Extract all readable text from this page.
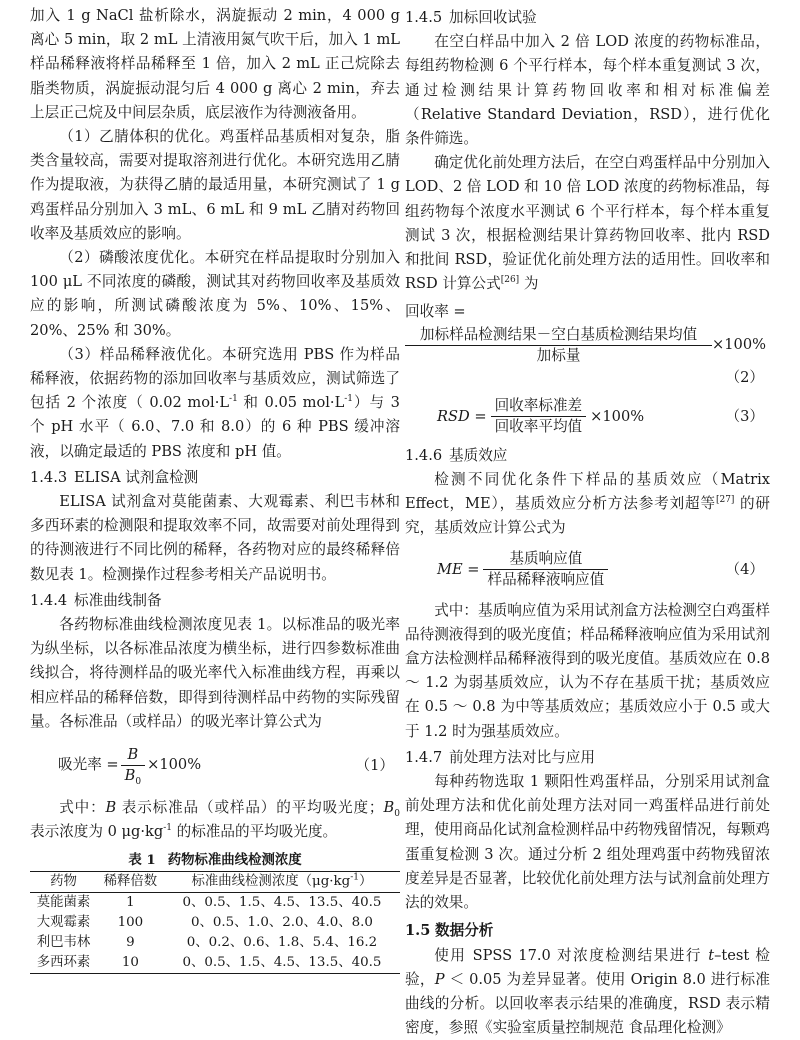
加入 1 g NaCl 盐析除水，涡旋振动 2 min，4 000 g 离心 5 min，取 2 mL 上清液用氮气吹干后，加入 1 mL 样品稀释液将样品稀释至 1 倍，加入 2 mL 正己烷除去脂类物质，涡旋振动混匀后 4 000 g 离心 2 min，弃去上层正己烷及中间层杂质，底层液作为待测液备用。

（1）乙腈体积的优化。鸡蛋样品基质相对复杂，脂类含量较高，需要对提取溶剂进行优化。本研究选用乙腈作为提取液，为获得乙腈的最适用量，本研究测试了 1 g 鸡蛋样品分别加入 3 mL、6 mL 和 9 mL 乙腈对药物回收率及基质效应的影响。

（2）磷酸浓度优化。本研究在样品提取时分别加入 100 μL 不同浓度的磷酸，测试其对药物回收率及基质效应的影响，所测试磷酸浓度为 5%、10%、15%、20%、25% 和 30%。

（3）样品稀释液优化。本研究选用 PBS 作为样品稀释液，依据药物的添加回收率与基质效应，测试筛选了包括 2 个浓度（ 0.02 $mol\cdot L^{-1}$ 和 0.05 $mol\cdot L^{-1}$）与 3 个 pH 水平（ 6.0、7.0 和 8.0）的 6 种 PBS 缓冲溶液，以确定最适的 PBS 浓度和 pH 值。

1.4.3 ELISA 试剂盒检测

ELISA 试剂盒对莫能菌素、大观霉素、利巴韦林和多西环素的检测限和提取效率不同，故需要对前处理得到的待测液进行不同比例的稀释，各药物对应的最终稀释倍数见表 1。检测操作过程参考相关产品说明书。

1.4.4 标准曲线制备

各药物标准曲线检测浓度见表 1。以标准品的吸光率为纵坐标，以各标准品浓度为横坐标，进行四参数标准曲线拟合，将待测样品的吸光率代入标准曲线方程，再乘以相应样品的稀释倍数，即得到待测样品中药物的实际残留量。各标准品（或样品）的吸光率计算公式为

吸光率 = $\frac{B}{B_0} \times 100\%$	（1）

式中：B 表示标准品（或样品）的平均吸光度；$B_0$ 表示浓度为 0 $\mu g\cdot kg^{-1}$ 的标准品的平均吸光度。

表 1 药物标准曲线检测浓度
药物	稀释倍数	标准曲线检测浓度$(\mu g\cdot kg^{-1})$
莫能菌素	1	0、0.5、1.5、4.5、13.5、40.5
大观霉素	100	0、0.5、1.0、2.0、4.0、8.0
利巴韦林	9	0、0.2、0.6、1.8、5.4、16.2
多西环素	10	0、0.5、1.5、4.5、13.5、40.5

1.4.5 加标回收试验

在空白样品中加入 2 倍 LOD 浓度的药物标准品，每组药物检测 6 个平行样本，每个样本重复测试 3 次，通过检测结果计算药物回收率和相对标准偏差（Relative Standard Deviation，RSD），进行优化条件筛选。

确定优化前处理方法后，在空白鸡蛋样品中分别加入 LOD、2 倍 LOD 和 10 倍 LOD 浓度的药物标准品，每组药物每个浓度水平测试 6 个平行样本，每个样本重复测试 3 次，根据检测结果计算药物回收率、批内 RSD 和批间 RSD，验证优化前处理方法的适用性。回收率和 RSD 计算公式[26] 为

回收率 =
$\frac{\text{加标样品检测结果－空白基质检测结果均值}}{\text{加标量}} \times 100\%$
（2）
RSD = $\frac{\text{回收率标准差}}{\text{回收率平均值}} \times 100\%$	（3）

1.4.6 基质效应

检测不同优化条件下样品的基质效应（Matrix Effect，ME），基质效应分析方法参考刘超等[27] 的研究，基质效应计算公式为

ME = $\frac{\text{基质响应值}}{\text{样品稀释液响应值}}$	（4）

式中：基质响应值为采用试剂盒方法检测空白鸡蛋样品待测液得到的吸光度值；样品稀释液响应值为采用试剂盒方法检测样品稀释液得到的吸光度值。基质效应在 0.8 ～ 1.2 为弱基质效应，认为不存在基质干扰；基质效应在 0.5 ～ 0.8 为中等基质效应；基质效应小于 0.5 或大于 1.2 时为强基质效应。

1.4.7 前处理方法对比与应用

每种药物选取 1 颗阳性鸡蛋样品，分别采用试剂盒前处理方法和优化前处理方法对同一鸡蛋样品进行前处理，使用商品化试剂盒检测样品中药物残留情况，每颗鸡蛋重复检测 3 次。通过分析 2 组处理鸡蛋中药物残留浓度差异是否显著，比较优化前处理方法与试剂盒前处理方法的效果。

1.5 数据分析

使用 SPSS 17.0 对浓度检测结果进行 t–test 检验，P ＜ 0.05 为差异显著。使用 Origin 8.0 进行标准曲线的分析。以回收率表示结果的准确度，RSD 表示精密度，参照《实验室质量控制规范 食品理化检测》
